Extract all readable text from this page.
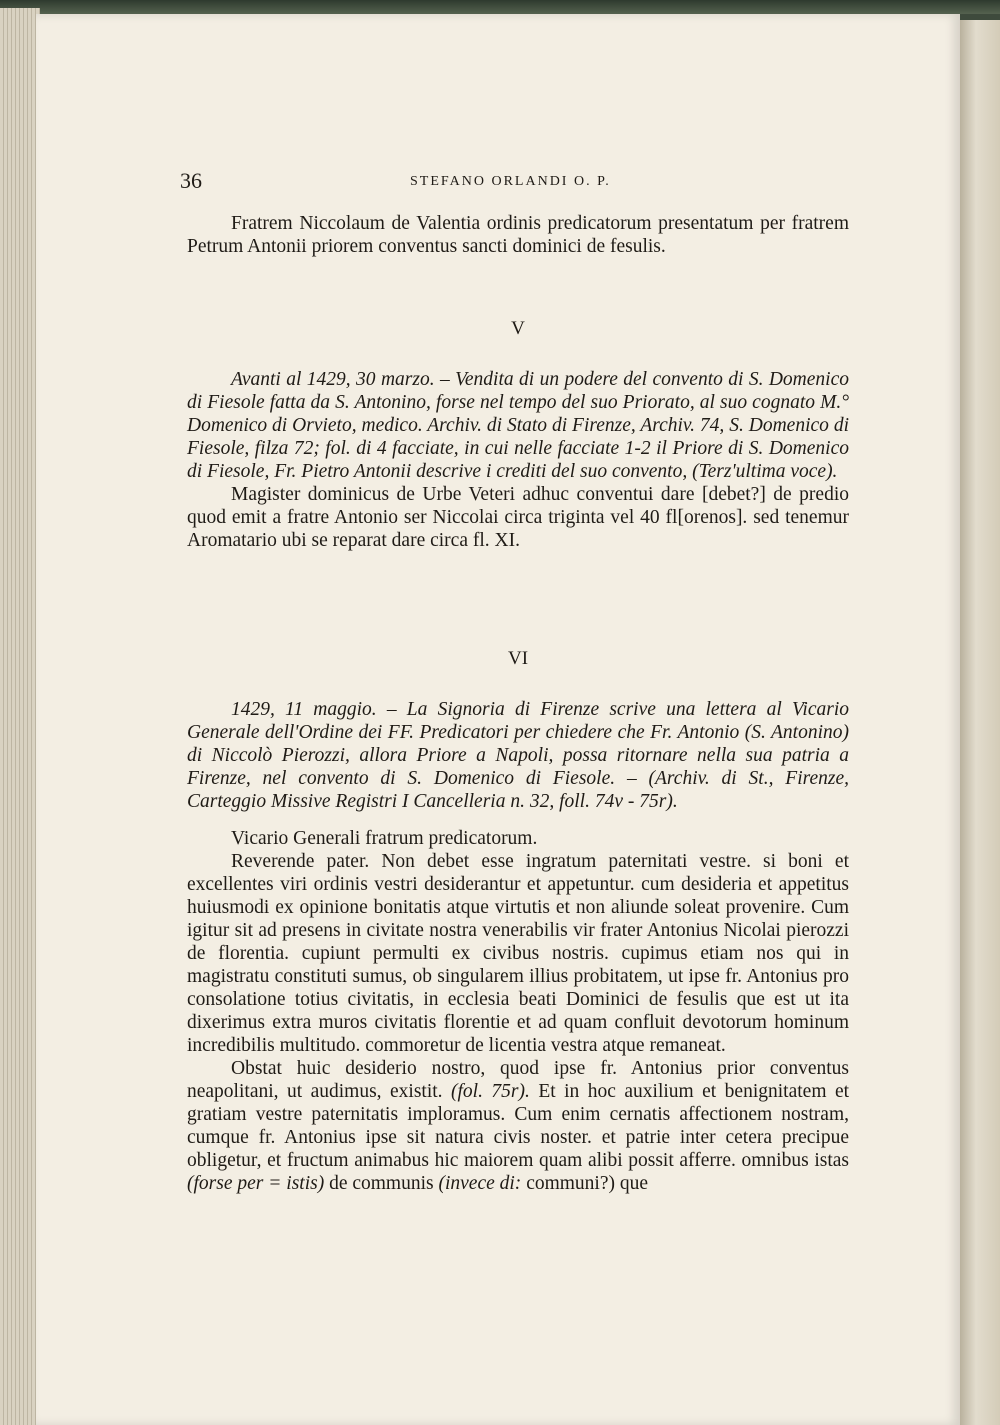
36	STEFANO ORLANDI O. P.

Fratrem Niccolaum de Valentia ordinis predicatorum presentatum per fratrem Petrum Antonii priorem conventus sancti dominici de fesulis.

V

Avanti al 1429, 30 marzo. – Vendita di un podere del convento di S. Domenico di Fiesole fatta da S. Antonino, forse nel tempo del suo Priorato, al suo cognato M.° Domenico di Orvieto, medico. Archiv. di Stato di Firenze, Archiv. 74, S. Domenico di Fiesole, filza 72; fol. di 4 facciate, in cui nelle facciate 1-2 il Priore di S. Domenico di Fiesole, Fr. Pietro Antonii descrive i crediti del suo convento, (Terz'ultima voce).

Magister dominicus de Urbe Veteri adhuc conventui dare [debet?] de predio quod emit a fratre Antonio ser Niccolai circa triginta vel 40 fl[orenos]. sed tenemur Aromatario ubi se reparat dare circa fl. XI.

VI

1429, 11 maggio. – La Signoria di Firenze scrive una lettera al Vicario Generale dell'Ordine dei FF. Predicatori per chiedere che Fr. Antonio (S. Antonino) di Niccolò Pierozzi, allora Priore a Napoli, possa ritornare nella sua patria a Firenze, nel convento di S. Domenico di Fiesole. – (Archiv. di St., Firenze, Carteggio Missive Registri I Cancelleria n. 32, foll. 74v - 75r).

Vicario Generali fratrum predicatorum.

Reverende pater. Non debet esse ingratum paternitati vestre. si boni et excellentes viri ordinis vestri desiderantur et appetuntur. cum desideria et appetitus huiusmodi ex opinione bonitatis atque virtutis et non aliunde soleat provenire. Cum igitur sit ad presens in civitate nostra venerabilis vir frater Antonius Nicolai pierozzi de florentia. cupiunt permulti ex civibus nostris. cupimus etiam nos qui in magistratu constituti sumus, ob singularem illius probitatem, ut ipse fr. Antonius pro consolatione totius civitatis, in ecclesia beati Dominici de fesulis que est ut ita dixerimus extra muros civitatis florentie et ad quam confluit devotorum hominum incredibilis multitudo. commoretur de licentia vestra atque remaneat.

Obstat huic desiderio nostro, quod ipse fr. Antonius prior conventus neapolitani, ut audimus, existit. (fol. 75r). Et in hoc auxilium et benignitatem et gratiam vestre paternitatis imploramus. Cum enim cernatis affectionem nostram, cumque fr. Antonius ipse sit natura civis noster. et patrie inter cetera precipue obligetur, et fructum animabus hic maiorem quam alibi possit afferre. omnibus istas (forse per = istis) de communis (invece di: communi?) que
